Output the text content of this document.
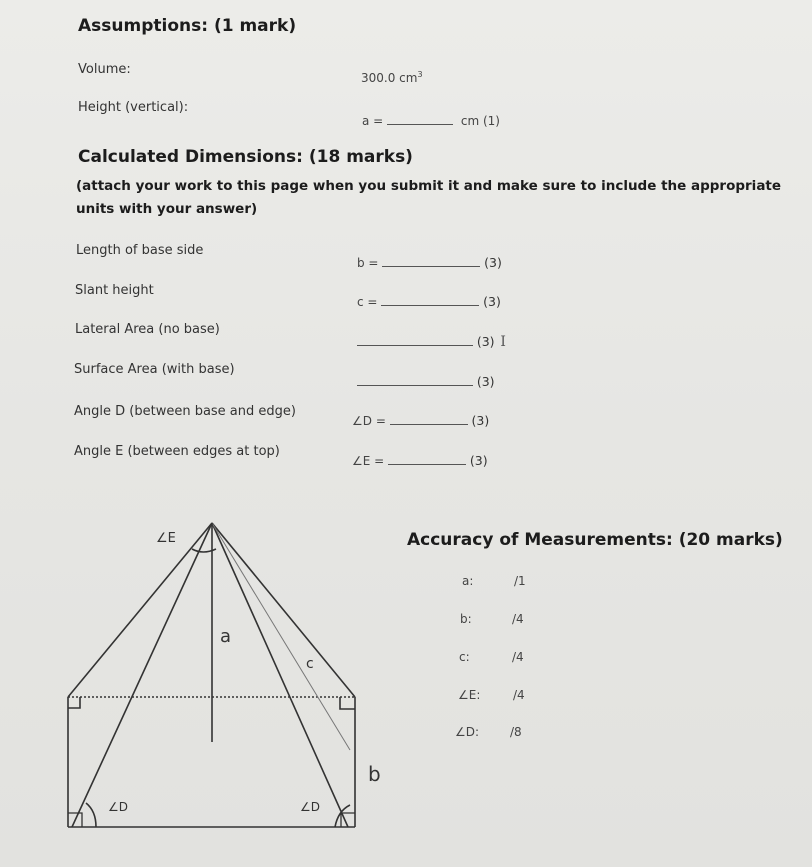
Assumptions: (1 mark)
Volume:
300.0 $cm^3$
Height (vertical):
a =	cm (1)
Calculated Dimensions: (18 marks)
(attach your work to this page when you submit it and make sure to include the appropriate
units with your answer)
Length of base side
b =	(3)
Slant height
c =	(3)
Lateral Area (no base)
(3) I
Surface Area (with base)
(3)
Angle D (between base and edge)
∠D =	(3)
Angle E (between edges at top)
∠E =	(3)
∠E
a
c
b
∠D	∠D
Accuracy of Measurements: (20 marks)
a:	/1
b:	/4
c:	/4
∠E:	/4
∠D:	/8
